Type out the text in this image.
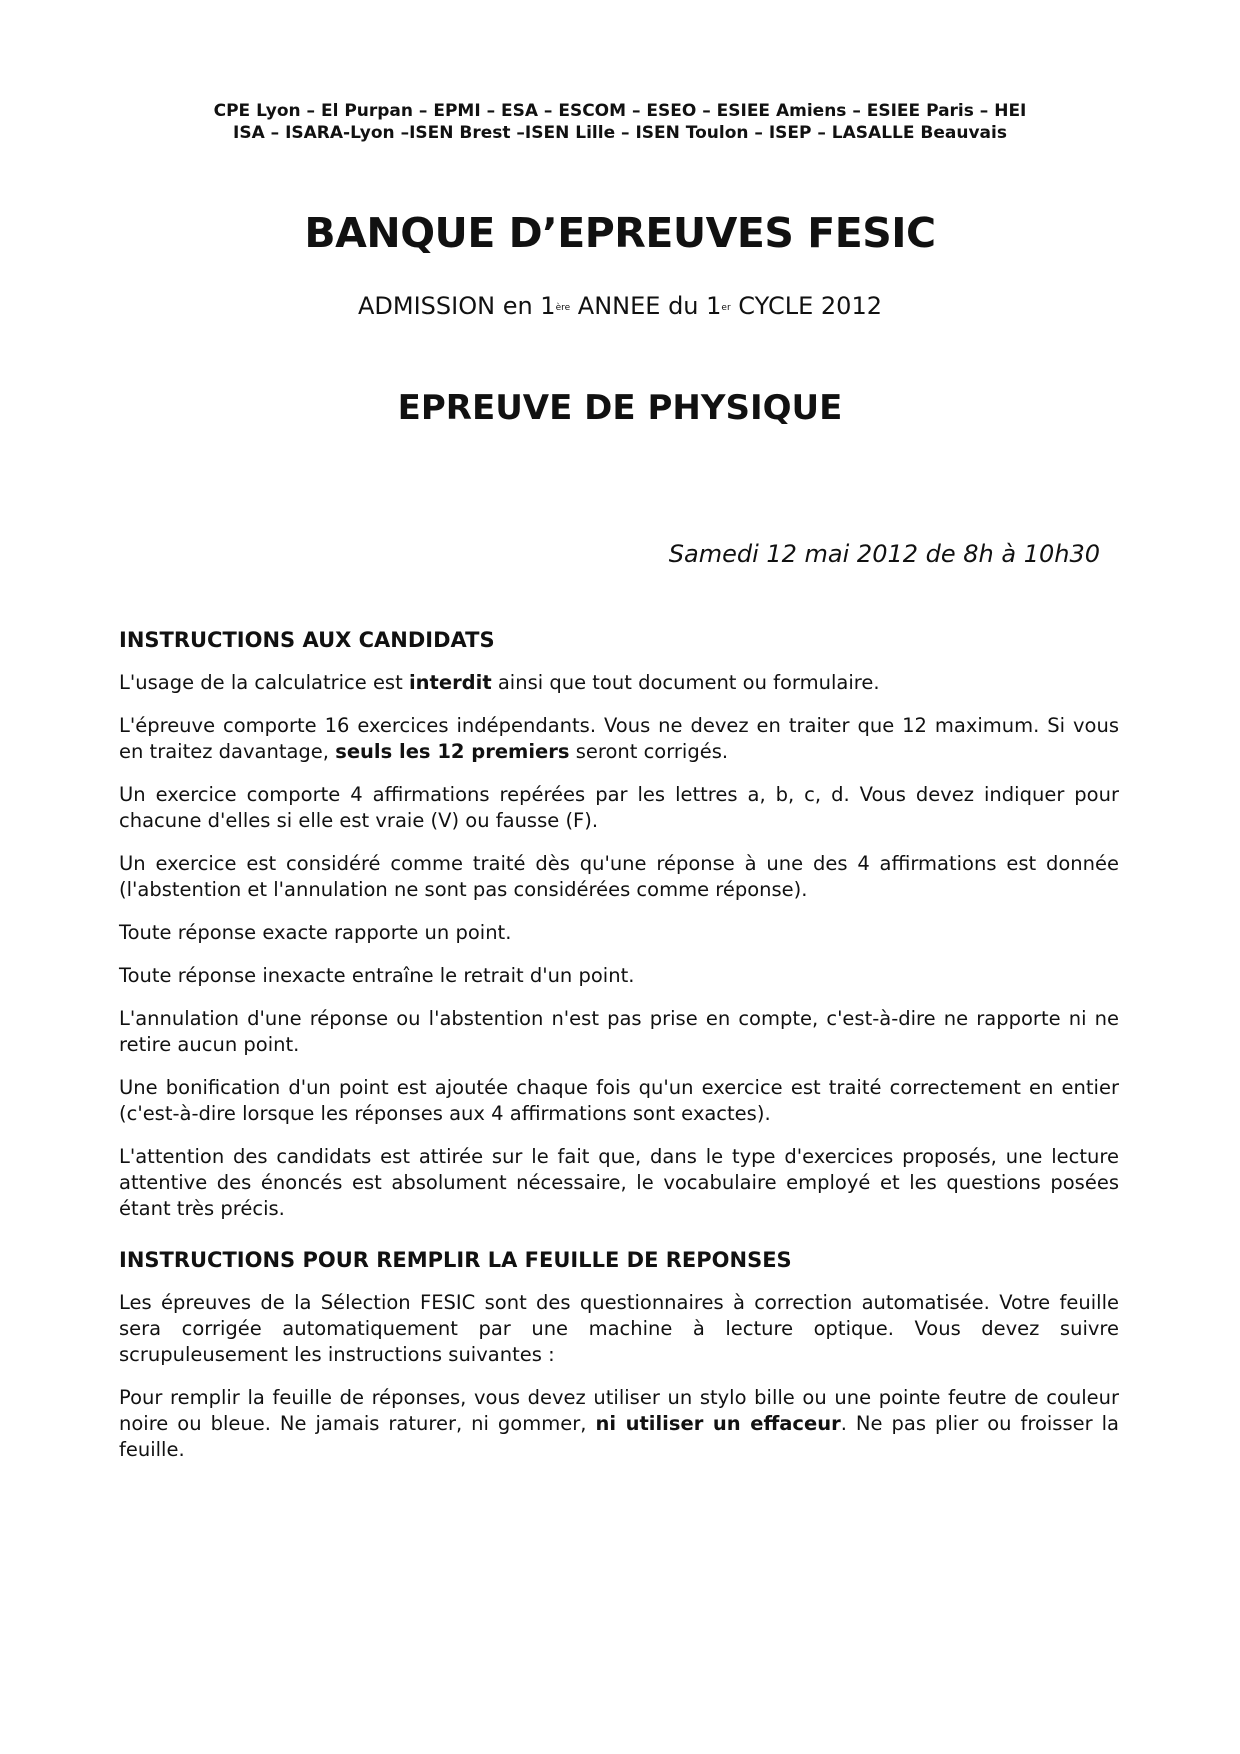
CPE Lyon – El Purpan – EPMI – ESA – ESCOM – ESEO – ESIEE Amiens – ESIEE Paris – HEI
ISA – ISARA-Lyon –ISEN Brest –ISEN Lille – ISEN Toulon – ISEP – LASALLE Beauvais
BANQUE D’EPREUVES FESIC
ADMISSION en 1ère ANNEE du 1er CYCLE 2012
EPREUVE DE PHYSIQUE
Samedi 12 mai 2012 de 8h à 10h30
INSTRUCTIONS AUX CANDIDATS

L'usage de la calculatrice est interdit ainsi que tout document ou formulaire.

L'épreuve comporte 16 exercices indépendants. Vous ne devez en traiter que 12 maximum. Si vous en traitez davantage, seuls les 12 premiers seront corrigés.

Un exercice comporte 4 affirmations repérées par les lettres a, b, c, d. Vous devez indiquer pour chacune d'elles si elle est vraie (V) ou fausse (F).

Un exercice est considéré comme traité dès qu'une réponse à une des 4 affirmations est donnée (l'abstention et l'annulation ne sont pas considérées comme réponse).

Toute réponse exacte rapporte un point.

Toute réponse inexacte entraîne le retrait d'un point.

L'annulation d'une réponse ou l'abstention n'est pas prise en compte, c'est-à-dire ne rapporte ni ne retire aucun point.

Une bonification d'un point est ajoutée chaque fois qu'un exercice est traité correctement en entier (c'est-à-dire lorsque les réponses aux 4 affirmations sont exactes).

L'attention des candidats est attirée sur le fait que, dans le type d'exercices proposés, une lecture attentive des énoncés est absolument nécessaire, le vocabulaire employé et les questions posées étant très précis.

INSTRUCTIONS POUR REMPLIR LA FEUILLE DE REPONSES

Les épreuves de la Sélection FESIC sont des questionnaires à correction automatisée. Votre feuille sera corrigée automatiquement par une machine à lecture optique. Vous devez suivre scrupuleusement les instructions suivantes :

Pour remplir la feuille de réponses, vous devez utiliser un stylo bille ou une pointe feutre de couleur noire ou bleue. Ne jamais raturer, ni gommer, ni utiliser un effaceur. Ne pas plier ou froisser la feuille.
